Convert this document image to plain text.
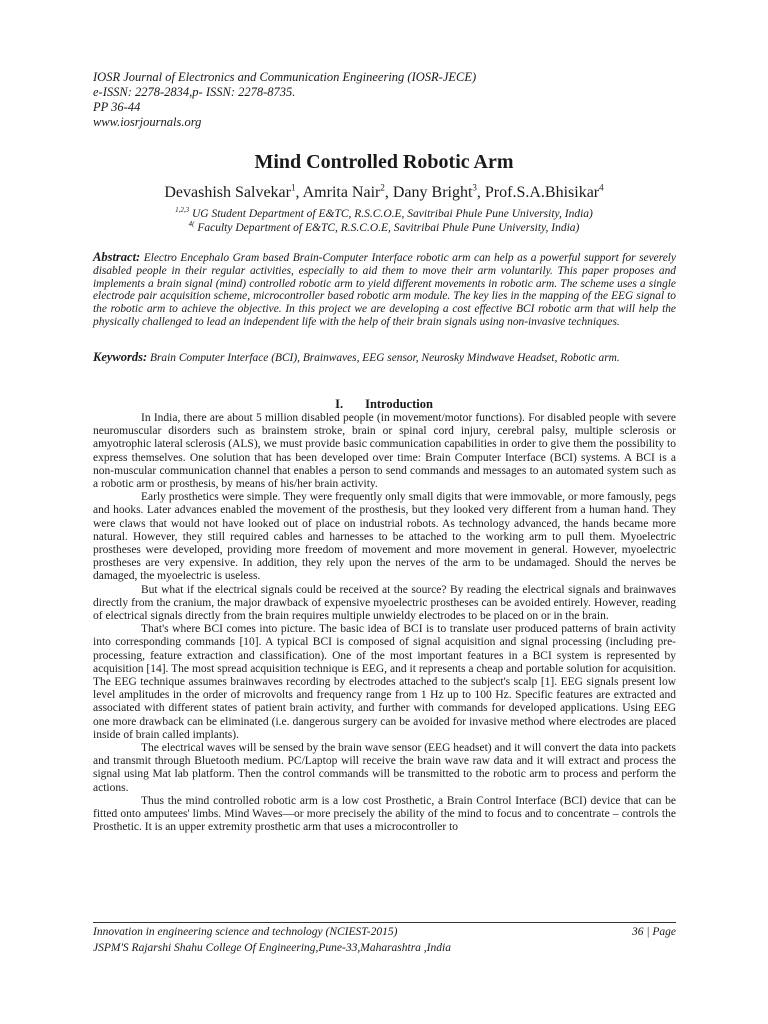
IOSR Journal of Electronics and Communication Engineering (IOSR-JECE)
e-ISSN: 2278-2834,p- ISSN: 2278-8735.
PP 36-44
www.iosrjournals.org
Mind Controlled Robotic Arm
Devashish Salvekar$^1$, Amrita Nair$^2$, Dany Bright$^3$, Prof.S.A.Bhisikar$^4$
$^{1,2,3}$ UG Student Department of E&TC, R.S.C.O.E, Savitribai Phule Pune University, India)
$^{4(}$ Faculty Department of E&TC, R.S.C.O.E, Savitribai Phule Pune University, India)
Abstract: Electro Encephalo Gram based Brain-Computer Interface robotic arm can help as a powerful support for severely disabled people in their regular activities, especially to aid them to move their arm voluntarily. This paper proposes and implements a brain signal (mind) controlled robotic arm to yield different movements in robotic arm. The scheme uses a single electrode pair acquisition scheme, microcontroller based robotic arm module. The key lies in the mapping of the EEG signal to the robotic arm to achieve the objective. In this project we are developing a cost effective BCI robotic arm that will help the physically challenged to lead an independent life with the help of their brain signals using non-invasive techniques.
Keywords: Brain Computer Interface (BCI), Brainwaves, EEG sensor, Neurosky Mindwave Headset, Robotic arm.
I. Introduction

In India, there are about 5 million disabled people (in movement/motor functions). For disabled people with severe neuromuscular disorders such as brainstem stroke, brain or spinal cord injury, cerebral palsy, multiple sclerosis or amyotrophic lateral sclerosis (ALS), we must provide basic communication capabilities in order to give them the possibility to express themselves. One solution that has been developed over time: Brain Computer Interface (BCI) systems. A BCI is a non-muscular communication channel that enables a person to send commands and messages to an automated system such as a robotic arm or prosthesis, by means of his/her brain activity.

Early prosthetics were simple. They were frequently only small digits that were immovable, or more famously, pegs and hooks. Later advances enabled the movement of the prosthesis, but they looked very different from a human hand. They were claws that would not have looked out of place on industrial robots. As technology advanced, the hands became more natural. However, they still required cables and harnesses to be attached to the working arm to pull them. Myoelectric prostheses were developed, providing more freedom of movement and more movement in general. However, myoelectric prostheses are very expensive. In addition, they rely upon the nerves of the arm to be undamaged. Should the nerves be damaged, the myoelectric is useless.

But what if the electrical signals could be received at the source? By reading the electrical signals and brainwaves directly from the cranium, the major drawback of expensive myoelectric prostheses can be avoided entirely. However, reading of electrical signals directly from the brain requires multiple unwieldy electrodes to be placed on or in the brain.

That's where BCI comes into picture. The basic idea of BCI is to translate user produced patterns of brain activity into corresponding commands [10]. A typical BCI is composed of signal acquisition and signal processing (including pre-processing, feature extraction and classification). One of the most important features in a BCI system is represented by acquisition [14]. The most spread acquisition technique is EEG, and it represents a cheap and portable solution for acquisition. The EEG technique assumes brainwaves recording by electrodes attached to the subject's scalp [1]. EEG signals present low level amplitudes in the order of microvolts and frequency range from 1 Hz up to 100 Hz. Specific features are extracted and associated with different states of patient brain activity, and further with commands for developed applications. Using EEG one more drawback can be eliminated (i.e. dangerous surgery can be avoided for invasive method where electrodes are placed inside of brain called implants).

The electrical waves will be sensed by the brain wave sensor (EEG headset) and it will convert the data into packets and transmit through Bluetooth medium. PC/Laptop will receive the brain wave raw data and it will extract and process the signal using Mat lab platform. Then the control commands will be transmitted to the robotic arm to process and perform the actions.

Thus the mind controlled robotic arm is a low cost Prosthetic, a Brain Control Interface (BCI) device that can be fitted onto amputees' limbs. Mind Waves—or more precisely the ability of the mind to focus and to concentrate – controls the Prosthetic. It is an upper extremity prosthetic arm that uses a microcontroller to

Innovation in engineering science and technology (NCIEST-2015)	36 | Page
JSPM'S Rajarshi Shahu College Of Engineering,Pune-33,Maharashtra ,India
